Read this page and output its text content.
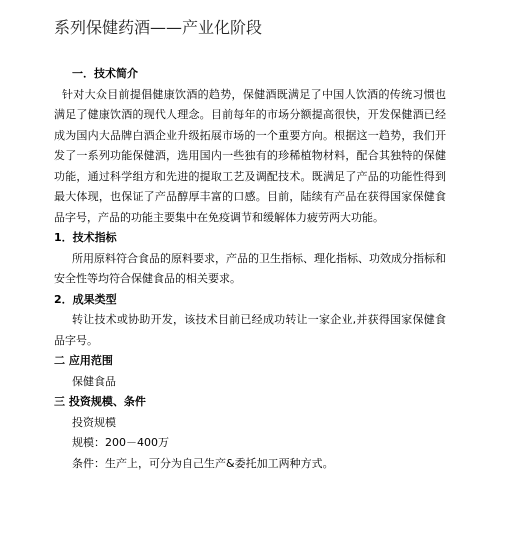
系列保健药酒——产业化阶段
一．技术简介
针对大众目前提倡健康饮酒的趋势，保健酒既满足了中国人饮酒的传统习惯也满足了健康饮酒的现代人理念。目前每年的市场分额提高很快，开发保健酒已经成为国内大品牌白酒企业升级拓展市场的一个重要方向。根据这一趋势，我们开发了一系列功能保健酒，选用国内一些独有的珍稀植物材料，配合其独特的保健功能，通过科学组方和先进的提取工艺及调配技术。既满足了产品的功能性得到最大体现，也保证了产品醇厚丰富的口感。目前，陆续有产品在获得国家保健食品字号，产品的功能主要集中在免疫调节和缓解体力疲劳两大功能。
1．技术指标
所用原料符合食品的原料要求，产品的卫生指标、理化指标、功效成分指标和安全性等均符合保健食品的相关要求。
2．成果类型
转让技术或协助开发，该技术目前已经成功转让一家企业,并获得国家保健食品字号。
二 应用范围
保健食品
三 投资规模、条件
投资规模
规模：200－400万
条件：生产上，可分为自己生产&委托加工两种方式。
